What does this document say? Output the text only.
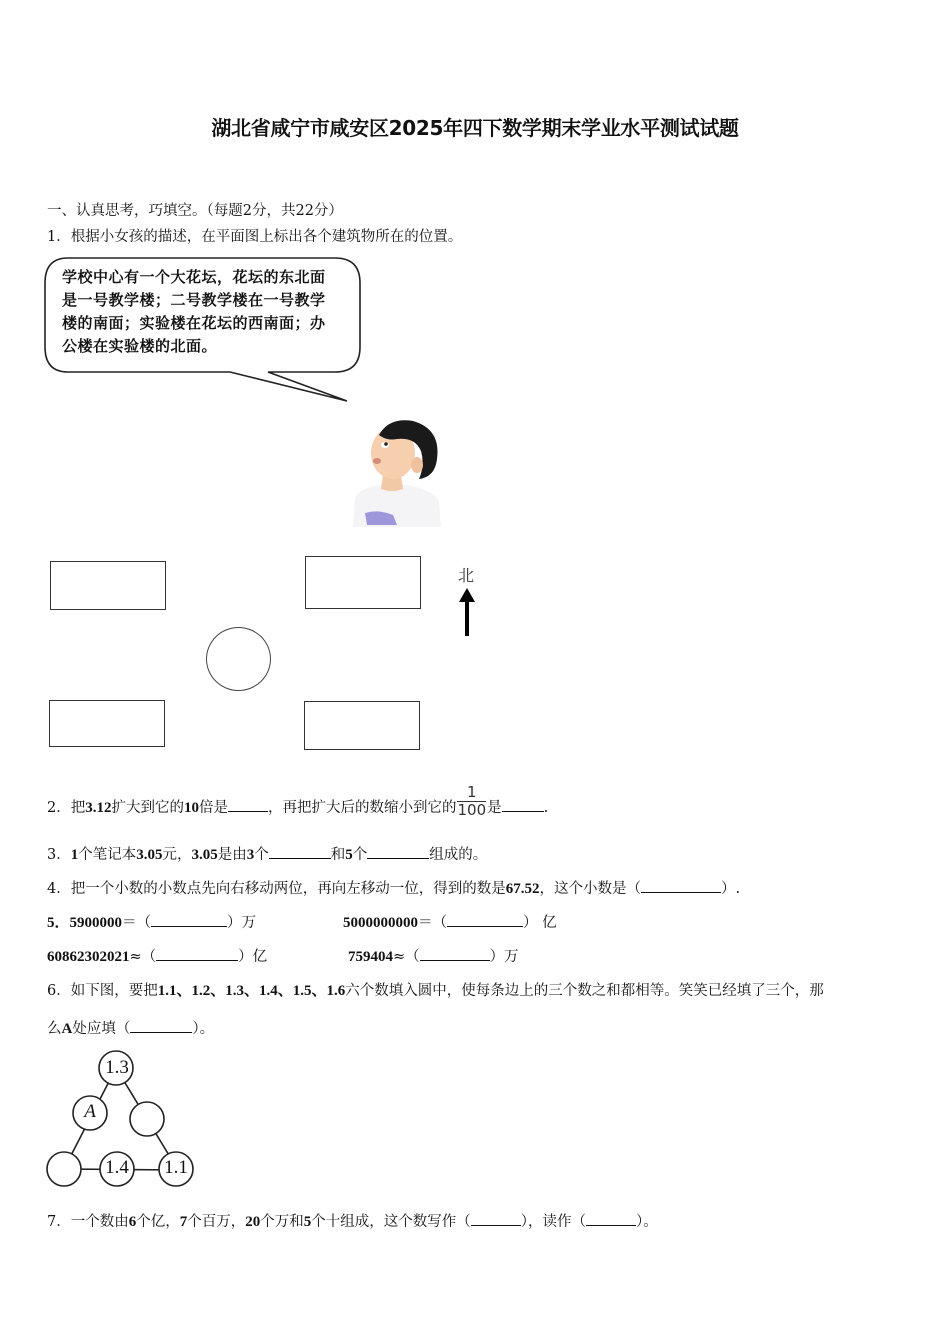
湖北省咸宁市咸安区2025年四下数学期末学业水平测试试题
一、认真思考，巧填空。（每题2分，共22分）
1．根据小女孩的描述，在平面图上标出各个建筑物所在的位置。
学校中心有一个大花坛，花坛的东北面
是一号教学楼；二号教学楼在一号教学
楼的南面；实验楼在花坛的西南面；办
公楼在实验楼的北面。
北
2．把3.12扩大到它的10倍是	，再把扩大后的数缩小到它的 $\frac{1}{100}$ 是	.
3．1个笔记本3.05元，3.05是由3个	和5个	组成的。
4．把一个小数的小数点先向右移动两位，再向左移动一位，得到的数是67.52，这个小数是（	）.
5．5900000＝（	）万	5000000000＝（	） 亿
60862302021≈（	）亿	759404≈（	）万
6．如下图，要把1.1、1.2、1.3、1.4、1.5、1.6六个数填入圆中，使每条边上的三个数之和都相等。笑笑已经填了三个，那
么A处应填（	）。
1.3
A
1.4	1.1
7．一个数由6个亿，7个百万，20个万和5个十组成，这个数写作（	），读作（	）。
